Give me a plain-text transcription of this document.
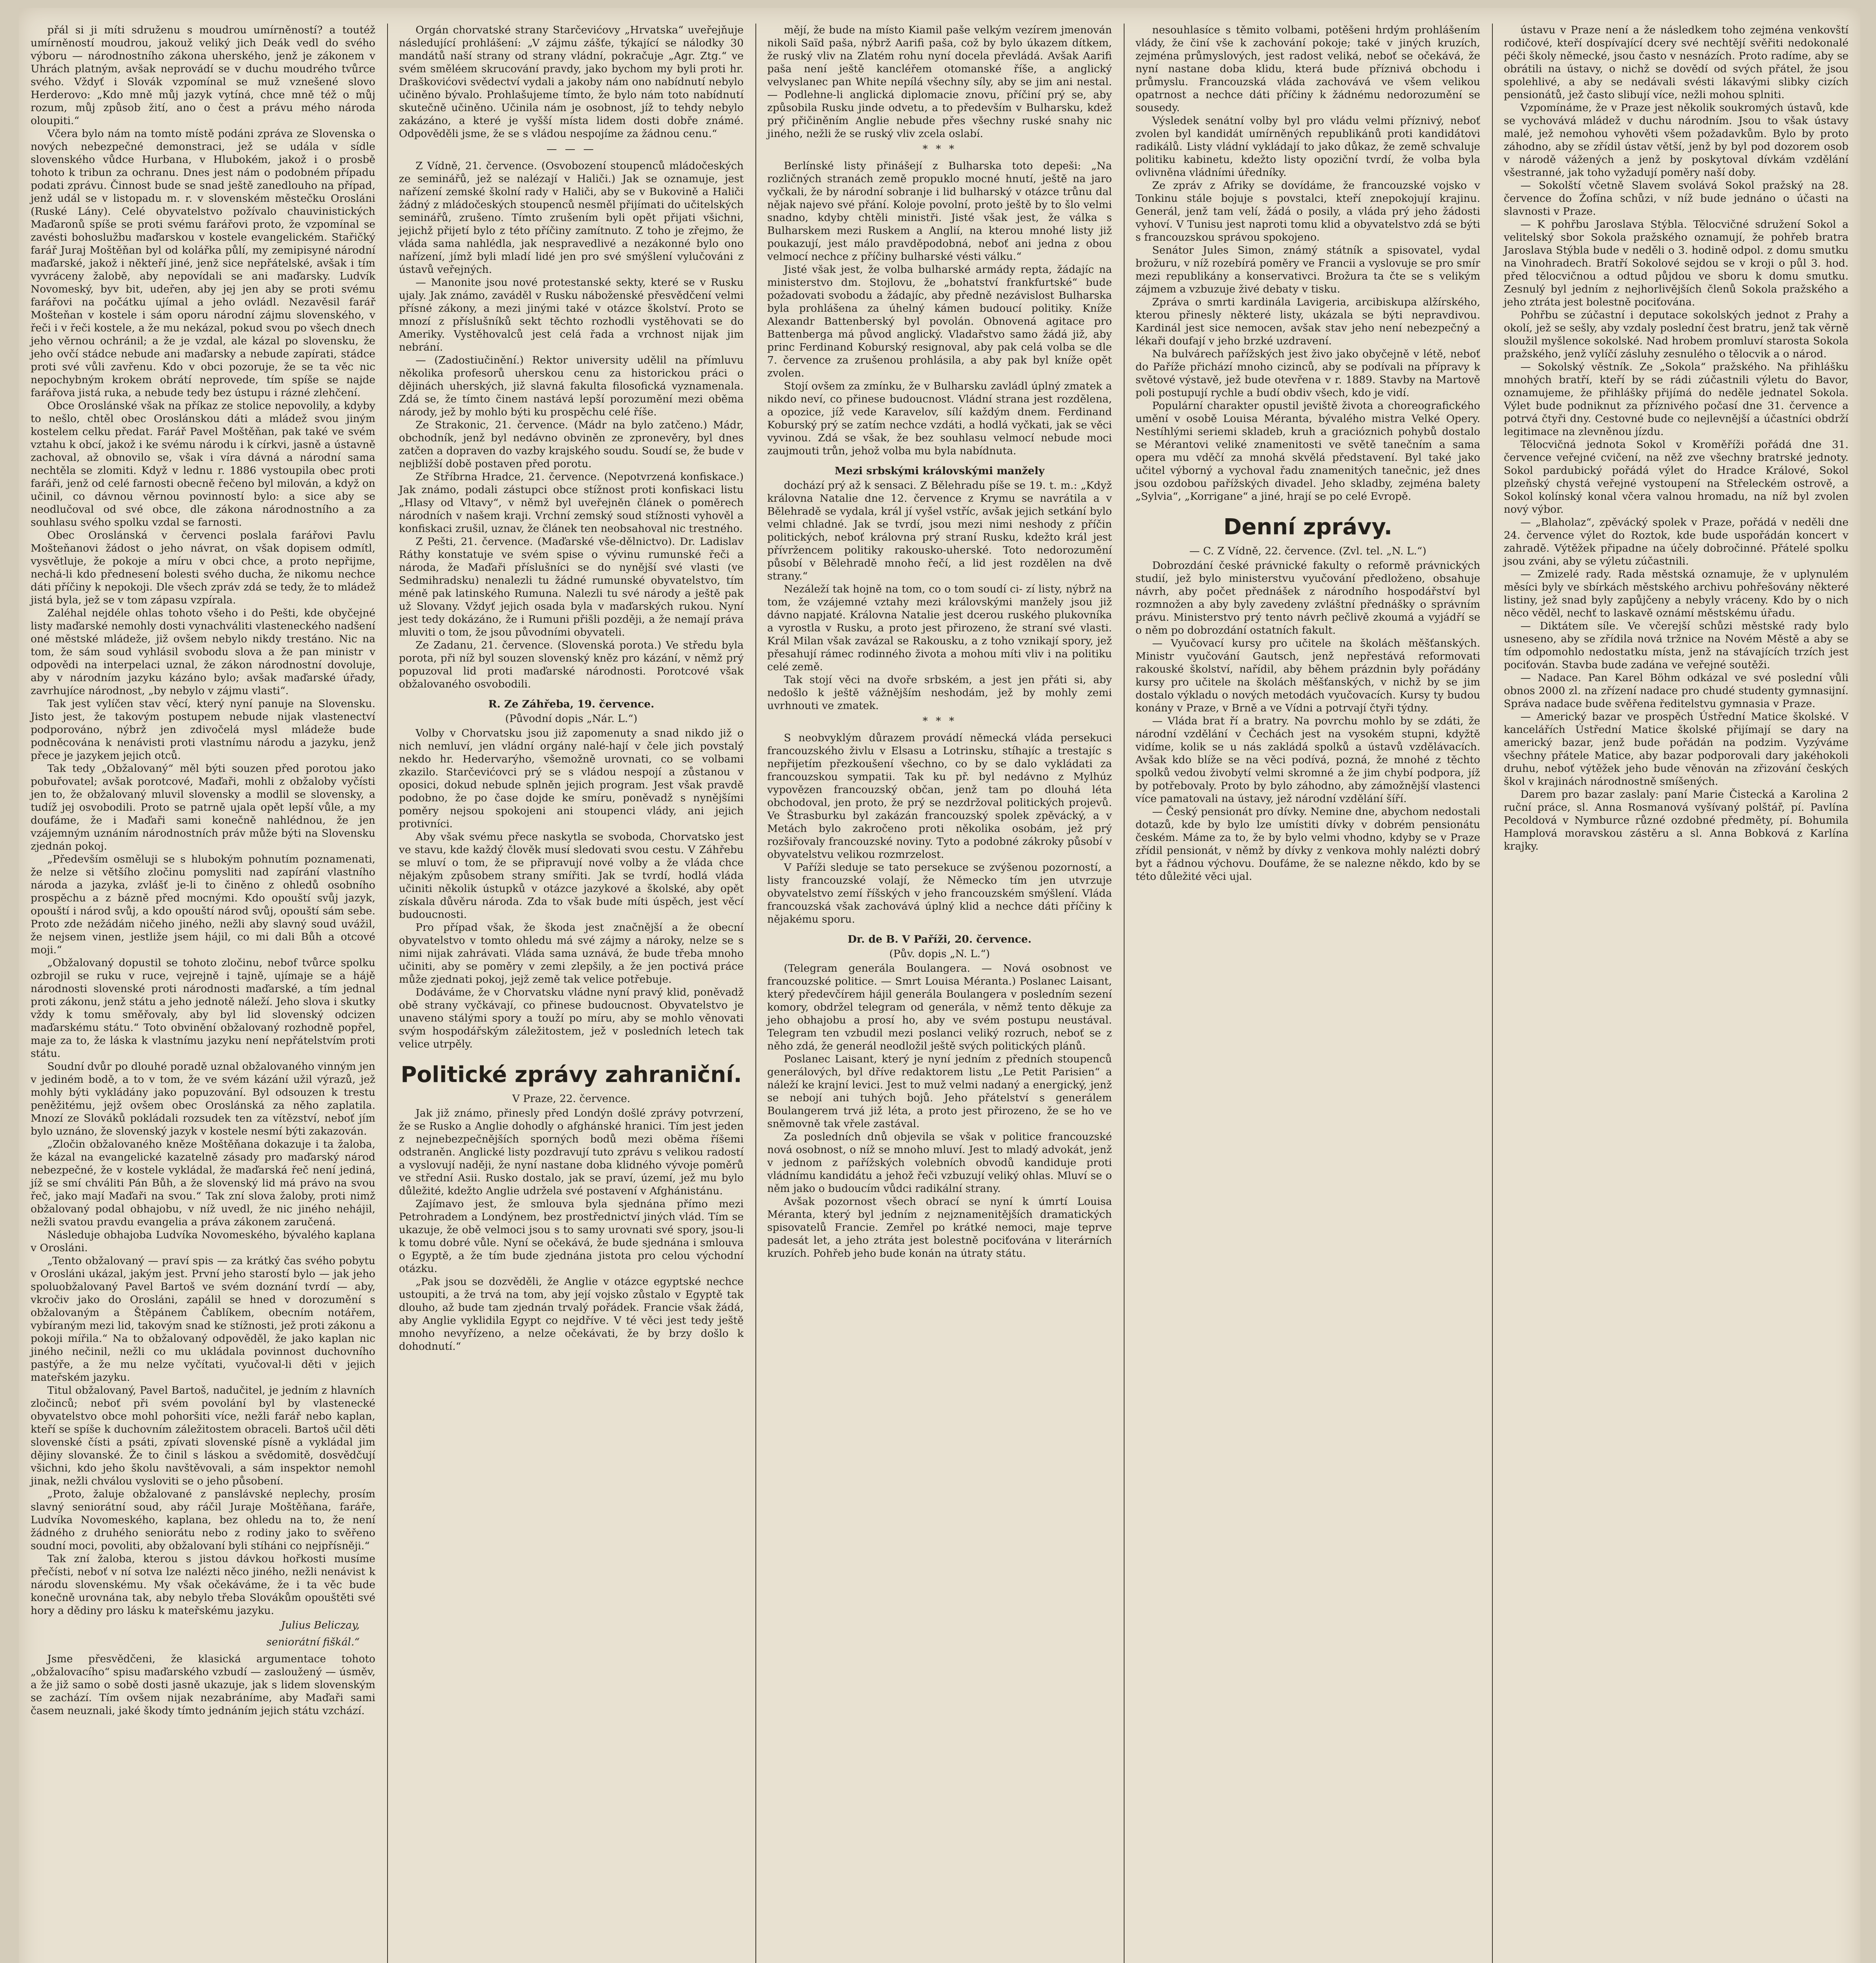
přál si ji míti sdruženu s moudrou umírněností? a toutéž umírněností moudrou, jakouž veliký jich Deák vedl do svého výboru — národnostního zákona uherského, jenž je zákonem v Uhrách platným, avšak neprovádí se v duchu moudrého tvůrce svého. Vždyť i Slovák vzpomínal se muž vznešené slovo Herderovo: „Kdo mně můj jazyk vytíná, chce mně též o můj rozum, můj způsob žití, ano o čest a právu mého národa oloupiti.“
Včera bylo nám na tomto místě podáni zpráva ze Slovenska o nových nebezpečné demonstraci, jež se udála v sídle slovenského vůdce Hurbana, v Hlubokém, jakož i o prosbě tohoto k tribun za ochranu. Dnes jest nám o podobném případu podati zprávu. Činnost bude se snad ještě zanedlouho na případ, jenž udál se v listopadu m. r. v slovenském městečku Orosláni (Ruské Lány). Celé obyvatelstvo požívalo chauvinistických Maďaronů spíše se proti svému farářovi proto, že vzpomínal se zavésti bohoslužbu maďarskou v kostele evangelickém. Stařičký farář Juraj Moštěňan byl od kolářka půlí, my zemipisyné národní maďarské, jakož i někteří jiné, jenž sice nepřátelské, avšak i tím vyvráceny žalobě, aby nepovídali se ani maďarsky. Ludvík Novomeský, byv bit, udeřen, aby jej jen aby se proti svému farářovi na počátku ujímal a jeho ovládl. Nezavěsil farář Mošteňan v kostele i sám oporu národní zájmu slovenského, v řeči i v řeči kostele, a že mu nekázal, pokud svou po všech dnech jeho věrnou ochránil; a že je vzdal, ale kázal po slovensku, že jeho ovčí stádce nebude ani maďarsky a nebude zapírati, stádce proti své vůli zavřenu. Kdo v obci pozoruje, že se ta věc nic nepochybným krokem obrátí neprovede, tím spíše se najde farářova jistá ruka, a nebude tedy bez ústupu i rázné zlehčení.
Obce Oroslánské však na příkaz ze stolice nepovolily, a kdyby to nešlo, chtěl obec Oroslánskou dáti a mládež svou jiným kostelem celku předat. Farář Pavel Moštěňan, pak také ve svém vztahu k obcí, jakož i ke svému národu i k církvi, jasně a ústavně zachoval, až obnovilo se, však i víra dávná a národní sama nechtěla se zlomiti. Když v lednu r. 1886 vystoupila obec proti faráři, jenž od celé farnosti obecně řečeno byl milován, a když on učinil, co dávnou věrnou povinností bylo: a sice aby se neodlučoval od své obce, dle zákona národnostního a za souhlasu svého spolku vzdal se farnosti.
Obec Oroslánská v červenci poslala farářovi Pavlu Mošteňanovi žádost o jeho návrat, on však dopisem odmítl, vysvětluje, že pokoje a míru v obci chce, a proto nepřijme, nechá-li kdo přednesení bolesti svého ducha, že nikomu nechce dáti příčiny k nepokoji. Dle všech zpráv zdá se tedy, že to mládež jistá byla, jež se v tom zápasu vzpírala.
Zaléhal nejdéle ohlas tohoto všeho i do Pešti, kde obyčejné listy maďarské nemohly dosti vynachváliti vlasteneckého nadšení oné městské mládeže, již ovšem nebylo nikdy trestáno. Nic na tom, že sám soud vyhlásil svobodu slova a že pan ministr v odpovědi na interpelaci uznal, že zákon národnostní dovoluje, aby v národním jazyku kázáno bylo; avšak maďarské úřady, zavrhujíce národnost, „by nebylo v zájmu vlasti“.
Tak jest vylíčen stav věcí, který nyní panuje na Slovensku. Jisto jest, že takovým postupem nebude nijak vlastenectví podporováno, nýbrž jen zdivočelá mysl mládeže bude podněcována k nenávisti proti vlastnímu národu a jazyku, jenž přece je jazykem jejich otců.
Tak tedy „Obžalovaný“ měl býti souzen před porotou jako pobuřovatel; avšak porotcové, Maďaři, mohli z obžaloby vyčísti jen to, že obžalovaný mluvil slovensky a modlil se slovensky, a tudíž jej osvobodili. Proto se patrně ujala opět lepší vůle, a my doufáme, že i Maďaři sami konečně nahlédnou, že jen vzájemným uznáním národnostních práv může býti na Slovensku zjednán pokoj.
„Především osměluji se s hlubokým pohnutím poznamenati, že nelze si většího zločinu pomysliti nad zapírání vlastního národa a jazyka, zvlášť je-li to činěno z ohledů osobního prospěchu a z bázně před mocnými. Kdo opouští svůj jazyk, opouští i národ svůj, a kdo opouští národ svůj, opouští sám sebe. Proto zde nežádám ničeho jiného, nežli aby slavný soud uvážil, že nejsem vinen, jestliže jsem hájil, co mi dali Bůh a otcové moji.“
„Obžalovaný dopustil se tohoto zločinu, nebof tvůrce spolku ozbrojil se ruku v ruce, vejrejně i tajně, ujímaje se a hájě národnosti slovenské proti národnosti maďarské, a tím jednal proti zákonu, jenž státu a jeho jednotě náleží. Jeho slova i skutky vždy k tomu směřovaly, aby byl lid slovenský odcizen maďarskému státu.“ Toto obvinění obžalovaný rozhodně popřel, maje za to, že láska k vlastnímu jazyku není nepřátelstvím proti státu.
Soudní dvůr po dlouhé poradě uznal obžalovaného vinným jen v jediném bodě, a to v tom, že ve svém kázání užil výrazů, jež mohly býti vykládány jako popuzování. Byl odsouzen k trestu peněžitému, jejž ovšem obec Oroslánská za něho zaplatila. Mnozí ze Slováků pokládali rozsudek ten za vítězství, neboť jím bylo uznáno, že slovenský jazyk v kostele nesmí býti zakazován.
„Zločin obžalovaného kněze Moštěňana dokazuje i ta žaloba, že kázal na evangelické kazatelně zásady pro maďarský národ nebezpečné, že v kostele vykládal, že maďarská řeč není jediná, jíž se smí chváliti Pán Bůh, a že slovenský lid má právo na svou řeč, jako mají Maďaři na svou.“ Tak zní slova žaloby, proti nimž obžalovaný podal obhajobu, v níž uvedl, že nic jiného nehájil, nežli svatou pravdu evangelia a práva zákonem zaručená.
Následuje obhajoba Ludvíka Novomeského, bývalého kaplana v Orosláni.
„Tento obžalovaný — praví spis — za krátký čas svého pobytu v Orosláni ukázal, jakým jest. První jeho starostí bylo — jak jeho spoluobžalovaný Pavel Bartoš ve svém doznání tvrdí — aby, vkročiv jako do Orosláni, zapálil se hned v dorozumění s obžalovaným a Štěpánem Čablíkem, obecním notářem, vybíraným mezi lid, takovým snad ke stížnosti, jež proti zákonu a pokoji mířila.“ Na to obžalovaný odpověděl, že jako kaplan nic jiného nečinil, nežli co mu ukládala povinnost duchovního pastýře, a že mu nelze vyčítati, vyučoval-li děti v jejich mateřském jazyku.
Titul obžalovaný, Pavel Bartoš, nadučitel, je jedním z hlavních zločinců; neboť při svém povolání byl by vlastenecké obyvatelstvo obce mohl pohoršiti více, nežli farář nebo kaplan, kteří se spíše k duchovním záležitostem obraceli. Bartoš učil děti slovenské čísti a psáti, zpívati slovenské písně a vykládal jim dějiny slovanské. Že to činil s láskou a svědomitě, dosvědčují všichni, kdo jeho školu navštěvovali, a sám inspektor nemohl jinak, nežli chválou vysloviti se o jeho působení.
„Proto, žaluje obžalované z panslávské neplechy, prosím slavný seniorátní soud, aby ráčil Juraje Moštěňana, faráře, Ludvíka Novomeského, kaplana, bez ohledu na to, že není žádného z druhého seniorátu nebo z rodiny jako to svěřeno soudní moci, povoliti, aby obžalovaní byli stíháni co nejpřísněji.“
Tak zní žaloba, kterou s jistou dávkou hořkosti musíme přečísti, neboť v ní sotva lze nalézti něco jiného, nežli nenávist k národu slovenskému. My však očekáváme, že i ta věc bude konečně urovnána tak, aby nebylo třeba Slovákům opouštěti své hory a dědiny pro lásku k mateřskému jazyku.
Julius Beliczay,
seniorátní fiškál.“
Jsme přesvědčeni, že klasická argumentace tohoto „obžalovacího“ spisu maďarského vzbudí — zasloužený — úsměv, a že již samo o sobě dosti jasně ukazuje, jak s lidem slovenským se zachází. Tím ovšem nijak nezabráníme, aby Maďaři sami časem neuznali, jaké škody tímto jednáním jejich státu vzchází.
Orgán chorvatské strany Starčevićovy „Hrvatska“ uveřejňuje následující prohlášení: „V zájmu zášťe, týkající se nálodky 30 mandátů naší strany od strany vládní, pokračuje „Agr. Ztg.“ ve svém směléem skrucování pravdy, jako bychom my byli proti hr. Draškovićovi svědectví vydali a jakoby nám ono nabídnutí nebylo učiněno bývalo. Prohlašujeme tímto, že bylo nám toto nabídnutí skutečně učiněno. Učinila nám je osobnost, jíž to tehdy nebylo zakázáno, a které je vyšší místa lidem dosti dobře známé. Odpověděli jsme, že se s vládou nespojíme za žádnou cenu.“
— — —
Z Vídně, 21. července. (Osvobození stoupenců mládočeských ze seminářů, jež se nalézají v Haliči.) Jak se oznamuje, jest nařízení zemské školní rady v Haliči, aby se v Bukovině a Haliči žádný z mládočeských stoupenců nesměl přijímati do učitelských seminářů, zrušeno. Tímto zrušením byli opět přijati všichni, jejichž přijetí bylo z této příčiny zamítnuto. Z toho je zřejmo, že vláda sama nahlédla, jak nespravedlivé a nezákonné bylo ono nařízení, jímž byli mladí lidé jen pro své smýšlení vylučováni z ústavů veřejných.
— Manonite jsou nové protestanské sekty, které se v Rusku ujaly. Jak známo, zaváděl v Rusku náboženské přesvědčení velmi přísné zákony, a mezi jinými také v otázce školství. Proto se mnozí z příslušníků sekt těchto rozhodli vystěhovati se do Ameriky. Vystěhovalců jest celá řada a vrchnost nijak jim nebrání.
— (Zadostiučinění.) Rektor university udělil na přímluvu několika profesorů uherskou cenu za historickou práci o dějinách uherských, již slavná fakulta filosofická vyznamenala. Zdá se, že tímto činem nastává lepší porozumění mezi oběma národy, jež by mohlo býti ku prospěchu celé říše.
Ze Strakonic, 21. července. (Mádr na bylo zatčeno.) Mádr, obchodník, jenž byl nedávno obviněn ze zpronevěry, byl dnes zatčen a dopraven do vazby krajského soudu. Soudí se, že bude v nejbližší době postaven před porotu.
Ze Stříbrna Hradce, 21. července. (Nepotvrzená konfiskace.) Jak známo, podali zástupci obce stížnost proti konfiskaci listu „Hlasy od Vltavy“, v němž byl uveřejněn článek o poměrech národních v našem kraji. Vrchní zemský soud stížnosti vyhověl a konfiskaci zrušil, uznav, že článek ten neobsahoval nic trestného.
Z Pešti, 21. července. (Maďarské vše-dělnictvo). Dr. Ladislav Ráthy konstatuje ve svém spise o vývinu rumunské řeči a národa, že Maďaři příslušníci se do nynější své vlasti (ve Sedmihradsku) nenalezli tu žádné rumunské obyvatelstvo, tím méně pak latinského Rumuna. Nalezli tu své národy a ještě pak už Slovany. Vždyť jejich osada byla v maďarských rukou. Nyní jest tedy dokázáno, že i Rumuni přišli později, a že nemají práva mluviti o tom, že jsou původními obyvateli.
Ze Zadanu, 21. července. (Slovenská porota.) Ve středu byla porota, při níž byl souzen slovenský kněz pro kázání, v němž prý popuzoval lid proti maďarské národnosti. Porotcové však obžalovaného osvobodili.
R. Ze Záhřeba, 19. července.
(Původní dopis „Nár. L.“)
Volby v Chorvatsku jsou již zapomenuty a snad nikdo již o nich nemluví, jen vládní orgány nalé-hají v čele jich povstalý nekdo hr. Hedervarýho, všemožně urovnati, co se volbami zkazilo. Starčevićovci prý se s vládou nespojí a zůstanou v oposici, dokud nebude splněn jejich program. Jest však pravdě podobno, že po čase dojde ke smíru, poněvadž s nynějšími poměry nejsou spokojeni ani stoupenci vlády, ani jejich protivníci.
Aby však svému přece naskytla se svoboda, Chorvatsko jest ve stavu, kde každý člověk musí sledovati svou cestu. V Záhřebu se mluví o tom, že se připravují nové volby a že vláda chce nějakým způsobem strany smířiti. Jak se tvrdí, hodlá vláda učiniti několik ústupků v otázce jazykové a školské, aby opět získala důvěru národa. Zda to však bude míti úspěch, jest věcí budoucnosti.
Pro případ však, že škoda jest značnější a že obecní obyvatelstvo v tomto ohledu má své zájmy a nároky, nelze se s nimi nijak zahrávati. Vláda sama uznává, že bude třeba mnoho učiniti, aby se poměry v zemi zlepšily, a že jen poctivá práce může zjednati pokoj, jejž země tak velice potřebuje.
Dodáváme, že v Chorvatsku vládne nyní pravý klid, poněvadž obě strany vyčkávají, co přinese budoucnost. Obyvatelstvo je unaveno stálými spory a touží po míru, aby se mohlo věnovati svým hospodářským záležitostem, jež v posledních letech tak velice utrpěly.
Politické zprávy zahraniční.
V Praze, 22. července.
Jak již známo, přinesly před Londýn došlé zprávy potvrzení, že se Rusko a Anglie dohodly o afghánské hranici. Tím jest jeden z nejnebezpečnějších sporných bodů mezi oběma říšemi odstraněn. Anglické listy pozdravují tuto zprávu s velikou radostí a vyslovují naději, že nyní nastane doba klidného vývoje poměrů ve střední Asii. Rusko dostalo, jak se praví, území, jež mu bylo důležité, kdežto Anglie udržela své postavení v Afghánistánu.
Zajímavo jest, že smlouva byla sjednána přímo mezi Petrohradem a Londýnem, bez prostřednictví jiných vlád. Tím se ukazuje, že obě velmoci jsou s to samy urovnati své spory, jsou-li k tomu dobré vůle. Nyní se očekává, že bude sjednána i smlouva o Egyptě, a že tím bude zjednána jistota pro celou východní otázku.
„Pak jsou se dozvěděli, že Anglie v otázce egyptské nechce ustoupiti, a že trvá na tom, aby její vojsko zůstalo v Egyptě tak dlouho, až bude tam zjednán trvalý pořádek. Francie však žádá, aby Anglie vyklidila Egypt co nejdříve. V té věci jest tedy ještě mnoho nevyřízeno, a nelze očekávati, že by brzy došlo k dohodnutí.“
mějí, že bude na místo Kiamil paše velkým vezírem jmenován nikoli Saïd paša, nýbrž Aarifi paša, což by bylo úkazem dítkem, že ruský vliv na Zlatém rohu nyní docela převládá. Avšak Aarifi paša není ještě kancléřem otomanské říše, a anglický velvyslanec pan White nepílá všechny síly, aby se jim ani nestal. — Podlehne-li anglická diplomacie znovu, příčiní prý se, aby způsobila Rusku jinde odvetu, a to především v Bulharsku, kdež prý přičiněním Anglie nebude přes všechny ruské snahy nic jiného, nežli že se ruský vliv zcela oslabí.
* * *
Berlínské listy přinášejí z Bulharska toto depeši: „Na rozličných stranách země propuklo mocné hnutí, ještě na jaro vyčkali, že by národní sobranje i lid bulharský v otázce trůnu dal nějak najevo své přání. Koloje povolní, proto ještě by to šlo velmi snadno, kdyby chtěli ministři. Jisté však jest, že válka s Bulharskem mezi Ruskem a Anglií, na kterou mnohé listy již poukazují, jest málo pravděpodobná, neboť ani jedna z obou velmocí nechce z příčiny bulharské vésti válku.“
Jisté však jest, že volba bulharské armády repta, žádajíc na ministerstvo dm. Stojlovu, že „bohatství frankfurtské“ bude požadovati svobodu a žádajíc, aby předně nezávislost Bulharska byla prohlášena za úhelný kámen budoucí politiky. Kníže Alexandr Battenberský byl povolán. Obnovená agitace pro Battenberga má původ anglický. Vladařstvo samo žádá již, aby princ Ferdinand Koburský resignoval, aby pak celá volba se dle 7. července za zrušenou prohlásila, a aby pak byl kníže opět zvolen.
Stojí ovšem za zmínku, že v Bulharsku zavládl úplný zmatek a nikdo neví, co přinese budoucnost. Vládní strana jest rozdělena, a opozice, jíž vede Karavelov, sílí každým dnem. Ferdinand Koburský prý se zatím nechce vzdáti, a hodlá vyčkati, jak se věci vyvinou. Zdá se však, že bez souhlasu velmocí nebude moci zaujmouti trůn, jehož volba mu byla nabídnuta.
Mezi srbskými královskými manžely
dochází prý až k sensaci. Z Bělehradu píše se 19. t. m.: „Když královna Natalie dne 12. července z Krymu se navrátila a v Bělehradě se vydala, král jí vyšel vstříc, avšak jejich setkání bylo velmi chladné. Jak se tvrdí, jsou mezi nimi neshody z příčin politických, neboť královna prý straní Rusku, kdežto král jest přívržencem politiky rakousko-uherské. Toto nedorozumění působí v Bělehradě mnoho řečí, a lid jest rozdělen na dvě strany.“
Nezáleží tak hojně na tom, co o tom soudí ci- zí listy, nýbrž na tom, že vzájemné vztahy mezi královskými manžely jsou již dávno napjaté. Královna Natalie jest dcerou ruského plukovníka a vyrostla v Rusku, a proto jest přirozeno, že straní své vlasti. Král Milan však zavázal se Rakousku, a z toho vznikají spory, jež přesahují rámec rodinného života a mohou míti vliv i na politiku celé země.
Tak stojí věci na dvoře srbském, a jest jen přáti si, aby nedošlo k ještě vážnějším neshodám, jež by mohly zemi uvrhnouti ve zmatek.
* * *
S neobvyklým důrazem provádí německá vláda persekuci francouzského živlu v Elsasu a Lotrinsku, stíhajíc a trestajíc s nepřijetím přezkoušení všechno, co by se dalo vykládati za francouzskou sympatii. Tak ku př. byl nedávno z Mylhúz vypovězen francouzský občan, jenž tam po dlouhá léta obchodoval, jen proto, že prý se nezdržoval politických projevů. Ve Štrasburku byl zakázán francouzský spolek zpěvácký, a v Metách bylo zakročeno proti několika osobám, jež prý rozšiřovaly francouzské noviny. Tyto a podobné zákroky působí v obyvatelstvu velikou rozmrzelost.
V Paříži sleduje se tato persekuce se zvýšenou pozorností, a listy francouzské volají, že Německo tím jen utvrzuje obyvatelstvo zemí říšských v jeho francouzském smýšlení. Vláda francouzská však zachovává úplný klid a nechce dáti příčiny k nějakému sporu.
Dr. de B. V Paříži, 20. července.
(Pův. dopis „N. L.“)
(Telegram generála Boulangera. — Nová osobnost ve francouzské politice. — Smrt Louisa Méranta.) Poslanec Laisant, který předevčírem hájil generála Boulangera v posledním sezení komory, obdržel telegram od generála, v němž tento děkuje za jeho obhajobu a prosí ho, aby ve svém postupu neustával. Telegram ten vzbudil mezi poslanci veliký rozruch, neboť se z něho zdá, že generál neodložil ještě svých politických plánů.
Poslanec Laisant, který je nyní jedním z předních stoupenců generálových, byl dříve redaktorem listu „Le Petit Parisien“ a náleží ke krajní levici. Jest to muž velmi nadaný a energický, jenž se nebojí ani tuhých bojů. Jeho přátelství s generálem Boulangerem trvá již léta, a proto jest přirozeno, že se ho ve sněmovně tak vřele zastával.
Za posledních dnů objevila se však v politice francouzské nová osobnost, o níž se mnoho mluví. Jest to mladý advokát, jenž v jednom z pařížských volebních obvodů kandiduje proti vládnímu kandidátu a jehož řeči vzbuzují veliký ohlas. Mluví se o něm jako o budoucím vůdci radikální strany.
Avšak pozornost všech obrací se nyní k úmrtí Louisa Méranta, který byl jedním z nejznamenitějších dramatických spisovatelů Francie. Zemřel po krátké nemoci, maje teprve padesát let, a jeho ztráta jest bolestně pociťována v literárních kruzích. Pohřeb jeho bude konán na útraty státu.
nesouhlasíce s těmito volbami, potěšeni hrdým prohlášením vlády, že činí vše k zachování pokoje; také v jiných kruzích, zejména průmyslových, jest radost veliká, neboť se očekává, že nyní nastane doba klidu, která bude příznivá obchodu i průmyslu. Francouzská vláda zachovává ve všem velikou opatrnost a nechce dáti příčiny k žádnému nedorozumění se sousedy.
Výsledek senátní volby byl pro vládu velmi příznivý, neboť zvolen byl kandidát umírněných republikánů proti kandidátovi radikálů. Listy vládní vykládají to jako důkaz, že země schvaluje politiku kabinetu, kdežto listy opoziční tvrdí, že volba byla ovlivněna vládními úředníky.
Ze zpráv z Afriky se dovídáme, že francouzské vojsko v Tonkinu stále bojuje s povstalci, kteří znepokojují krajinu. Generál, jenž tam velí, žádá o posily, a vláda prý jeho žádosti vyhoví. V Tunisu jest naproti tomu klid a obyvatelstvo zdá se býti s francouzskou správou spokojeno.
Senátor Jules Simon, známý státník a spisovatel, vydal brožuru, v níž rozebírá poměry ve Francii a vyslovuje se pro smír mezi republikány a konservativci. Brožura ta čte se s velikým zájmem a vzbuzuje živé debaty v tisku.
Zpráva o smrti kardinála Lavigeria, arcibiskupa alžírského, kterou přinesly některé listy, ukázala se býti nepravdivou. Kardinál jest sice nemocen, avšak stav jeho není nebezpečný a lékaři doufají v jeho brzké uzdravení.
Na bulvárech pařížských jest živo jako obyčejně v létě, neboť do Paříže přichází mnoho cizinců, aby se podívali na přípravy k světové výstavě, jež bude otevřena v r. 1889. Stavby na Martově poli postupují rychle a budí obdiv všech, kdo je vidí.
Populární charakter opustil jeviště života a choreografického umění v osobě Louisa Méranta, bývalého mistra Velké Opery. Nestíhlými seriemi skladeb, kruh a gracióznich pohybů dostalo se Mérantovi veliké znamenitosti ve světě tanečním a sama opera mu vděčí za mnohá skvělá představení. Byl také jako učitel výborný a vychoval řadu znamenitých tanečnic, jež dnes jsou ozdobou pařížských divadel. Jeho skladby, zejména balety „Sylvia“, „Korrigane“ a jiné, hrají se po celé Evropě.
Denní zprávy.
— C. Z Vídně, 22. července. (Zvl. tel. „N. L.“)
Dobrozdání české právnické fakulty o reformě právnických studií, jež bylo ministerstvu vyučování předloženo, obsahuje návrh, aby počet přednášek z národního hospodářství byl rozmnožen a aby byly zavedeny zvláštní přednášky o správním právu. Ministerstvo prý tento návrh pečlivě zkoumá a vyjádří se o něm po dobrozdání ostatních fakult.
— Vyučovací kursy pro učitele na školách měšťanských. Ministr vyučování Gautsch, jenž nepřestává reformovati rakouské školství, nařídil, aby během prázdnin byly pořádány kursy pro učitele na školách měšťanských, v nichž by se jim dostalo výkladu o nových metodách vyučovacích. Kursy ty budou konány v Praze, v Brně a ve Vídni a potrvají čtyři týdny.
— Vláda brat ří a bratry. Na povrchu mohlo by se zdáti, že národní vzdělání v Čechách jest na vysokém stupni, kdyžtě vidíme, kolik se u nás zakládá spolků a ústavů vzdělávacích. Avšak kdo blíže se na věci podívá, pozná, že mnohé z těchto spolků vedou živobytí velmi skromné a že jim chybí podpora, jíž by potřebovaly. Proto by bylo záhodno, aby zámožnější vlastenci více pamatovali na ústavy, jež národní vzdělání šíří.
— Český pensionát pro dívky. Nemine dne, abychom nedostali dotazů, kde by bylo lze umístiti dívky v dobrém pensionátu českém. Máme za to, že by bylo velmi vhodno, kdyby se v Praze zřídil pensionát, v němž by dívky z venkova mohly nalézti dobrý byt a řádnou výchovu. Doufáme, že se nalezne někdo, kdo by se této důležité věci ujal.
ústavu v Praze není a že následkem toho zejména venkovští rodičové, kteří dospívající dcery své nechtějí svěřiti nedokonalé péči školy německé, jsou často v nesnázích. Proto radíme, aby se obrátili na ústavy, o nichž se dovědí od svých přátel, že jsou spolehlivé, a aby se nedávali svésti lákavými slibky cizích pensionátů, jež často slibují více, nežli mohou splniti.
Vzpomínáme, že v Praze jest několik soukromých ústavů, kde se vychovává mládež v duchu národním. Jsou to však ústavy malé, jež nemohou vyhověti všem požadavkům. Bylo by proto záhodno, aby se zřídil ústav větší, jenž by byl pod dozorem osob v národě vážených a jenž by poskytoval dívkám vzdělání všestranné, jak toho vyžadují poměry naší doby.
— Sokolští včetně Slavem svolává Sokol pražský na 28. července do Žofína schůzi, v níž bude jednáno o účasti na slavnosti v Praze.
— K pohřbu Jaroslava Stýbla. Tělocvičné sdružení Sokol a velitelský sbor Sokola pražského oznamují, že pohřeb bratra Jaroslava Stýbla bude v neděli o 3. hodině odpol. z domu smutku na Vinohradech. Bratří Sokolové sejdou se v kroji o půl 3. hod. před tělocvičnou a odtud půjdou ve sboru k domu smutku. Zesnulý byl jedním z nejhorlivějších členů Sokola pražského a jeho ztráta jest bolestně pociťována.
Pohřbu se zúčastní i deputace sokolských jednot z Prahy a okolí, jež se sešly, aby vzdaly poslední čest bratru, jenž tak věrně sloužil myšlence sokolské. Nad hrobem promluví starosta Sokola pražského, jenž vylíčí zásluhy zesnulého o tělocvik a o národ.
— Sokolský věstník. Ze „Sokola“ pražského. Na přihlášku mnohých bratří, kteří by se rádi zúčastnili výletu do Bavor, oznamujeme, že přihlášky přijímá do neděle jednatel Sokola. Výlet bude podniknut za příznivého počasí dne 31. července a potrvá čtyři dny. Cestovné bude co nejlevnější a účastníci obdrží legitimace na zlevněnou jízdu.
Tělocvičná jednota Sokol v Kroměříži pořádá dne 31. července veřejné cvičení, na něž zve všechny bratrské jednoty. Sokol pardubický pořádá výlet do Hradce Králové, Sokol plzeňský chystá veřejné vystoupení na Střeleckém ostrově, a Sokol kolínský konal včera valnou hromadu, na níž byl zvolen nový výbor.
— „Blaholaz“, zpěvácký spolek v Praze, pořádá v neděli dne 24. července výlet do Roztok, kde bude uspořádán koncert v zahradě. Výtěžek připadne na účely dobročinné. Přátelé spolku jsou zváni, aby se výletu zúčastnili.
— Zmizelé rady. Rada městská oznamuje, že v uplynulém měsíci byly ve sbírkách městského archivu pohřešovány některé listiny, jež snad byly zapůjčeny a nebyly vráceny. Kdo by o nich něco věděl, nechť to laskavě oznámí městskému úřadu.
— Diktátem síle. Ve včerejší schůzi městské rady bylo usneseno, aby se zřídila nová tržnice na Novém Městě a aby se tím odpomohlo nedostatku místa, jenž na stávajících trzích jest pociťován. Stavba bude zadána ve veřejné soutěži.
— Nadace. Pan Karel Böhm odkázal ve své poslední vůli obnos 2000 zl. na zřízení nadace pro chudé studenty gymnasijní. Správa nadace bude svěřena ředitelstvu gymnasia v Praze.
— Americký bazar ve prospěch Ústřední Matice školské. V kancelářích Ústřední Matice školské přijímají se dary na americký bazar, jenž bude pořádán na podzim. Vyzýváme všechny přátele Matice, aby bazar podporovali dary jakéhokoli druhu, neboť výtěžek jeho bude věnován na zřizování českých škol v krajinách národnostně smíšených.
Darem pro bazar zaslaly: paní Marie Čistecká a Karolina 2 ruční práce, sl. Anna Rosmanová vyšívaný polštář, pí. Pavlína Pecoldová v Nymburce různé ozdobné předměty, pí. Bohumila Hamplová moravskou zástěru a sl. Anna Bobková z Karlína krajky.
